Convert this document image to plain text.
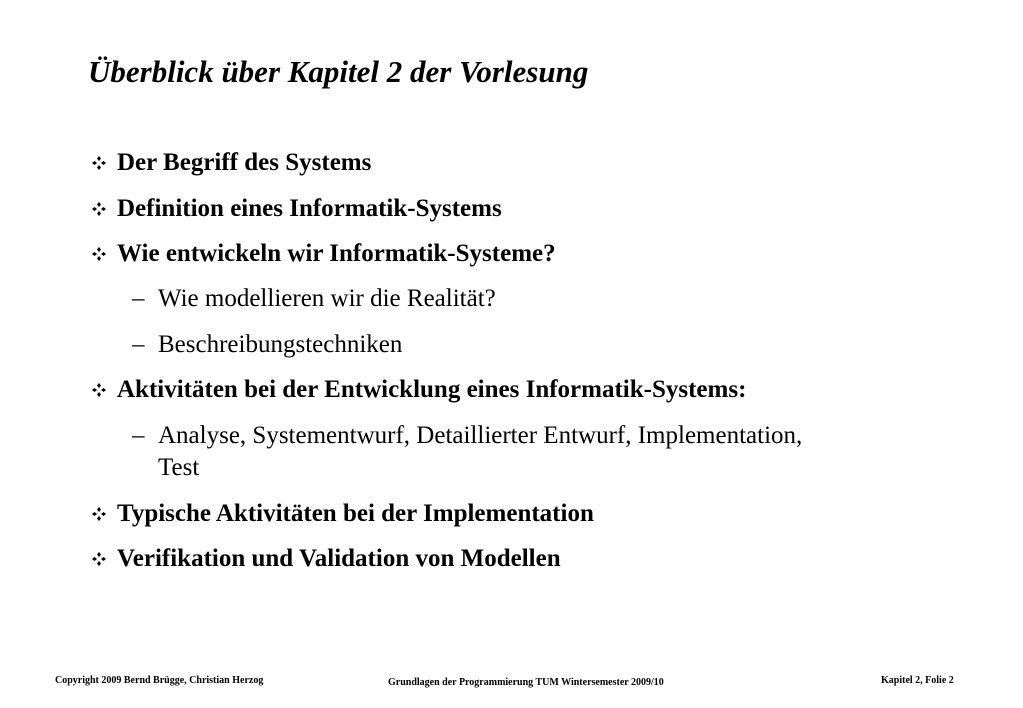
Überblick über Kapitel 2 der Vorlesung
Der Begriff des Systems
Definition eines Informatik-Systems
Wie entwickeln wir Informatik-Systeme?
– Wie modellieren wir die Realität?
– Beschreibungstechniken
Aktivitäten bei der Entwicklung eines Informatik-Systems:
– Analyse, Systementwurf, Detaillierter Entwurf, Implementation,
Test
Typische Aktivitäten bei der Implementation
Verifikation und Validation von Modellen
Copyright 2009 Bernd Brügge, Christian Herzog	Grundlagen der Programmierung TUM Wintersemester 2009/10	Kapitel 2, Folie 2
